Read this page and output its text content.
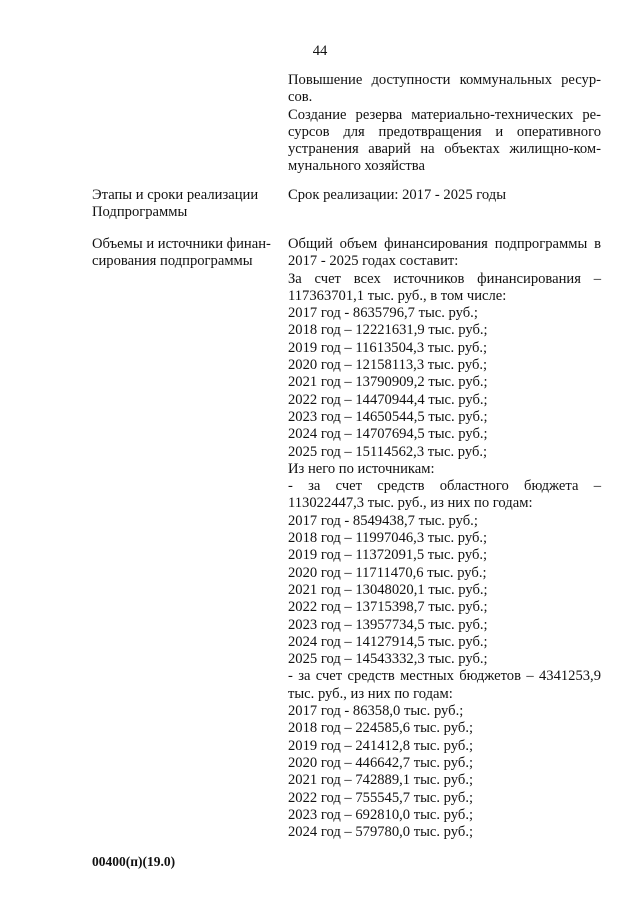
44
Повышение доступности коммунальных ресур-
сов.
Создание резерва материально-технических ре-
сурсов для предотвращения и оперативного
устранения аварий на объектах жилищно-ком-
мунального хозяйства
Этапы и сроки реализации
Подпрограммы
Срок реализации: 2017 - 2025 годы
Объемы и источники финан-
сирования подпрограммы
Общий объем финансирования подпрограммы в
2017 - 2025 годах составит:
За счет всех источников финансирования –
117363701,1 тыс. руб., в том числе:
2017 год - 8635796,7 тыс. руб.;
2018 год – 12221631,9 тыс. руб.;
2019 год – 11613504,3 тыс. руб.;
2020 год – 12158113,3 тыс. руб.;
2021 год – 13790909,2 тыс. руб.;
2022 год – 14470944,4 тыс. руб.;
2023 год – 14650544,5 тыс. руб.;
2024 год – 14707694,5 тыс. руб.;
2025 год – 15114562,3 тыс. руб.;
Из него по источникам:
- за счет средств областного бюджета –
113022447,3 тыс. руб., из них по годам:
2017 год - 8549438,7 тыс. руб.;
2018 год – 11997046,3 тыс. руб.;
2019 год – 11372091,5 тыс. руб.;
2020 год – 11711470,6 тыс. руб.;
2021 год – 13048020,1 тыс. руб.;
2022 год – 13715398,7 тыс. руб.;
2023 год – 13957734,5 тыс. руб.;
2024 год – 14127914,5 тыс. руб.;
2025 год – 14543332,3 тыс. руб.;
- за счет средств местных бюджетов – 4341253,9
тыс. руб., из них по годам:
2017 год - 86358,0 тыс. руб.;
2018 год – 224585,6 тыс. руб.;
2019 год – 241412,8 тыс. руб.;
2020 год – 446642,7 тыс. руб.;
2021 год – 742889,1 тыс. руб.;
2022 год – 755545,7 тыс. руб.;
2023 год – 692810,0 тыс. руб.;
2024 год – 579780,0 тыс. руб.;
00400(п)(19.0)
